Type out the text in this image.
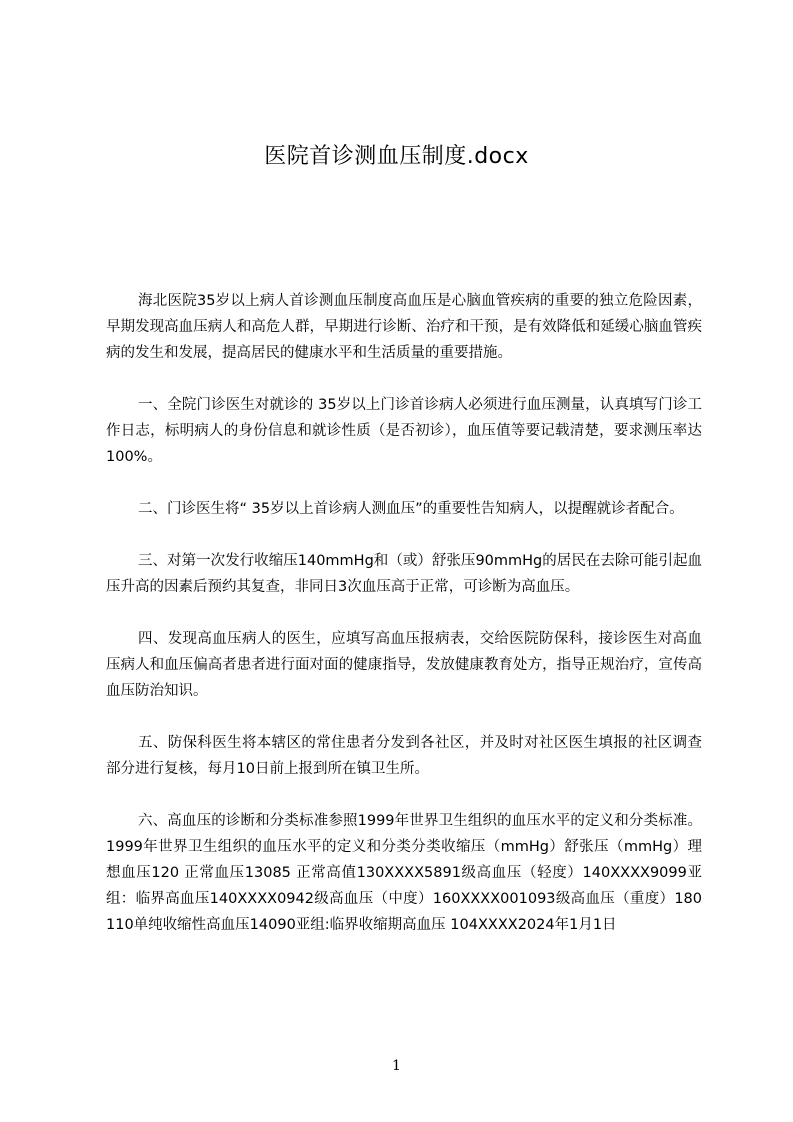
医院首诊测血压制度.docx

海北医院35岁以上病人首诊测血压制度高血压是心脑血管疾病的重要的独立危险因素，早期发现高血压病人和高危人群，早期进行诊断、治疗和干预，是有效降低和延缓心脑血管疾病的发生和发展，提高居民的健康水平和生活质量的重要措施。

一、全院门诊医生对就诊的 35岁以上门诊首诊病人必须进行血压测量，认真填写门诊工作日志，标明病人的身份信息和就诊性质（是否初诊），血压值等要记载清楚，要求测压率达100%。

二、门诊医生将“ 35岁以上首诊病人测血压”的重要性告知病人，以提醒就诊者配合。

三、对第一次发行收缩压140mmHg和（或）舒张压90mmHg的居民在去除可能引起血压升高的因素后预约其复查，非同日3次血压高于正常，可诊断为高血压。

四、发现高血压病人的医生，应填写高血压报病表，交给医院防保科，接诊医生对高血压病人和血压偏高者患者进行面对面的健康指导，发放健康教育处方，指导正规治疗，宣传高血压防治知识。

五、防保科医生将本辖区的常住患者分发到各社区，并及时对社区医生填报的社区调查部分进行复核，每月10日前上报到所在镇卫生所。

六、高血压的诊断和分类标准参照1999年世界卫生组织的血压水平的定义和分类标准。1999年世界卫生组织的血压水平的定义和分类分类收缩压（mmHg）舒张压（mmHg）理想血压120 正常血压13085 正常高值130XXXX5891级高血压（轻度）140XXXX9099亚组：临界高血压140XXXX0942级高血压（中度）160XXXX001093级高血压（重度）180110单纯收缩性高血压14090亚组:临界收缩期高血压 104XXXX2024年1月1日

1
